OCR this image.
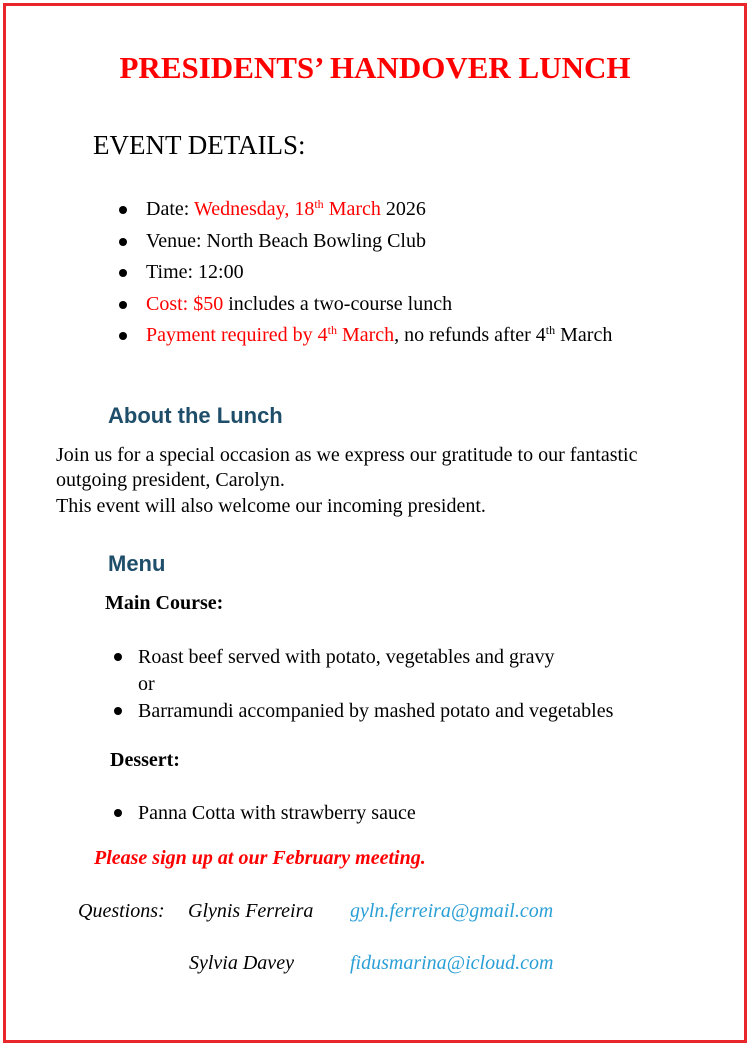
PRESIDENTS’ HANDOVER LUNCH
EVENT DETAILS:
Date: Wednesday, 18th March 2026
Venue: North Beach Bowling Club
Time: 12:00
Cost: $50 includes a two-course lunch
Payment required by 4th March, no refunds after 4th March
About the Lunch

Join us for a special occasion as we express our gratitude to our fantastic

outgoing president, Carolyn.

This event will also welcome our incoming president.

Menu

Main Course:

Roast beef served with potato, vegetables and gravy
or
Barramundi accompanied by mashed potato and vegetables

Dessert:

Panna Cotta with strawberry sauce

Please sign up at our February meeting.

Questions: Glynis Ferreira gyln.ferreira@gmail.com

Sylvia Davey	fidusmarina@icloud.com
